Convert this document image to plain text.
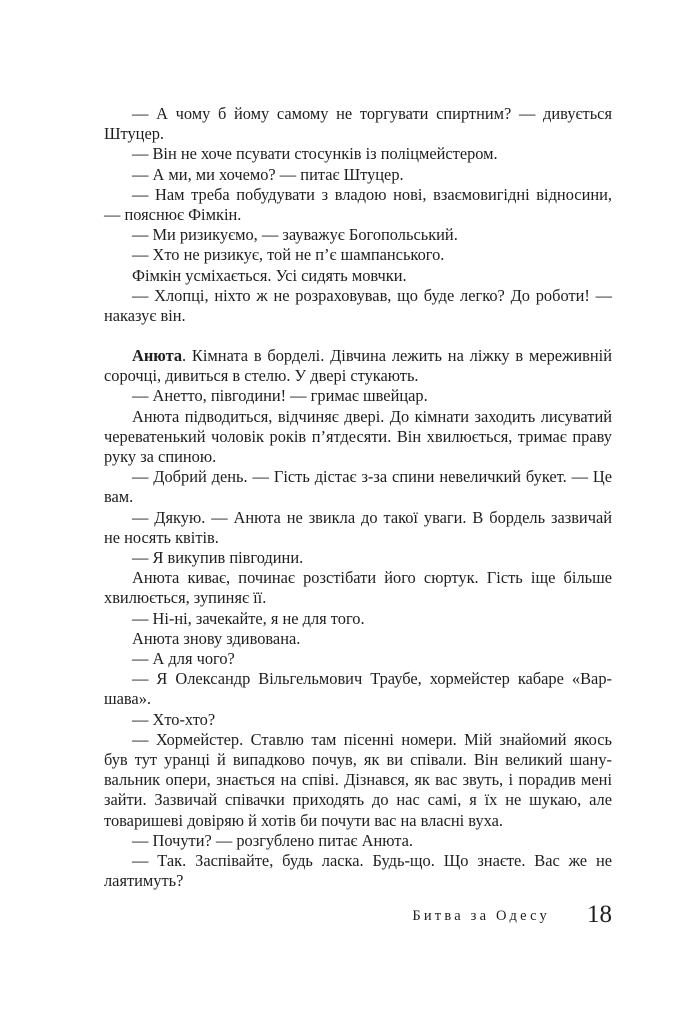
— А чому б йому самому не торгувати спиртним? — дивується Штуцер.

— Він не хоче псувати стосунків із поліцмейстером.

— А ми, ми хочемо? — питає Штуцер.

— Нам треба побудувати з владою нові, взаємовигідні відносини, — пояснює Фімкін.

— Ми ризикуємо, — зауважує Богопольський.

— Хто не ризикує, той не п’є шампанського.

Фімкін усміхається. Усі сидять мовчки.

— Хлопці, ніхто ж не розраховував, що буде легко? До роботи! — наказує він.

Анюта. Кімната в борделі. Дівчина лежить на ліжку в мереживній сорочці, дивиться в стелю. У двері стукають.

— Анетто, півгодини! — гримає швейцар.

Анюта підводиться, відчиняє двері. До кімнати заходить лисуватий череватенький чоловік років п’ятдесяти. Він хвилюється, тримає праву руку за спиною.

— Добрий день. — Гість дістає з-за спини невеличкий букет. — Це вам.

— Дякую. — Анюта не звикла до такої уваги. В бордель зазвичай не носять квітів.

— Я викупив півгодини.

Анюта киває, починає розстібати його сюртук. Гість іще більше хвилюється, зупиняє її.

— Ні-ні, зачекайте, я не для того.

Анюта знову здивована.

— А для чого?

— Я Олександр Вільгельмович Траубе, хормейстер кабаре «Варшава».

— Хто-хто?

— Хормейстер. Ставлю там пісенні номери. Мій знайомий якось був тут уранці й випадково почув, як ви співали. Він великий шанувальник опери, знається на співі. Дізнався, як вас звуть, і порадив мені зайти. Зазвичай співачки приходять до нас самі, я їх не шукаю, але товаришеві довіряю й хотів би почути вас на власні вуха.

— Почути? — розгублено питає Анюта.

— Так. Заспівайте, будь ласка. Будь-що. Що знаєте. Вас же не лаятимуть?

Битва за Одесу 18
